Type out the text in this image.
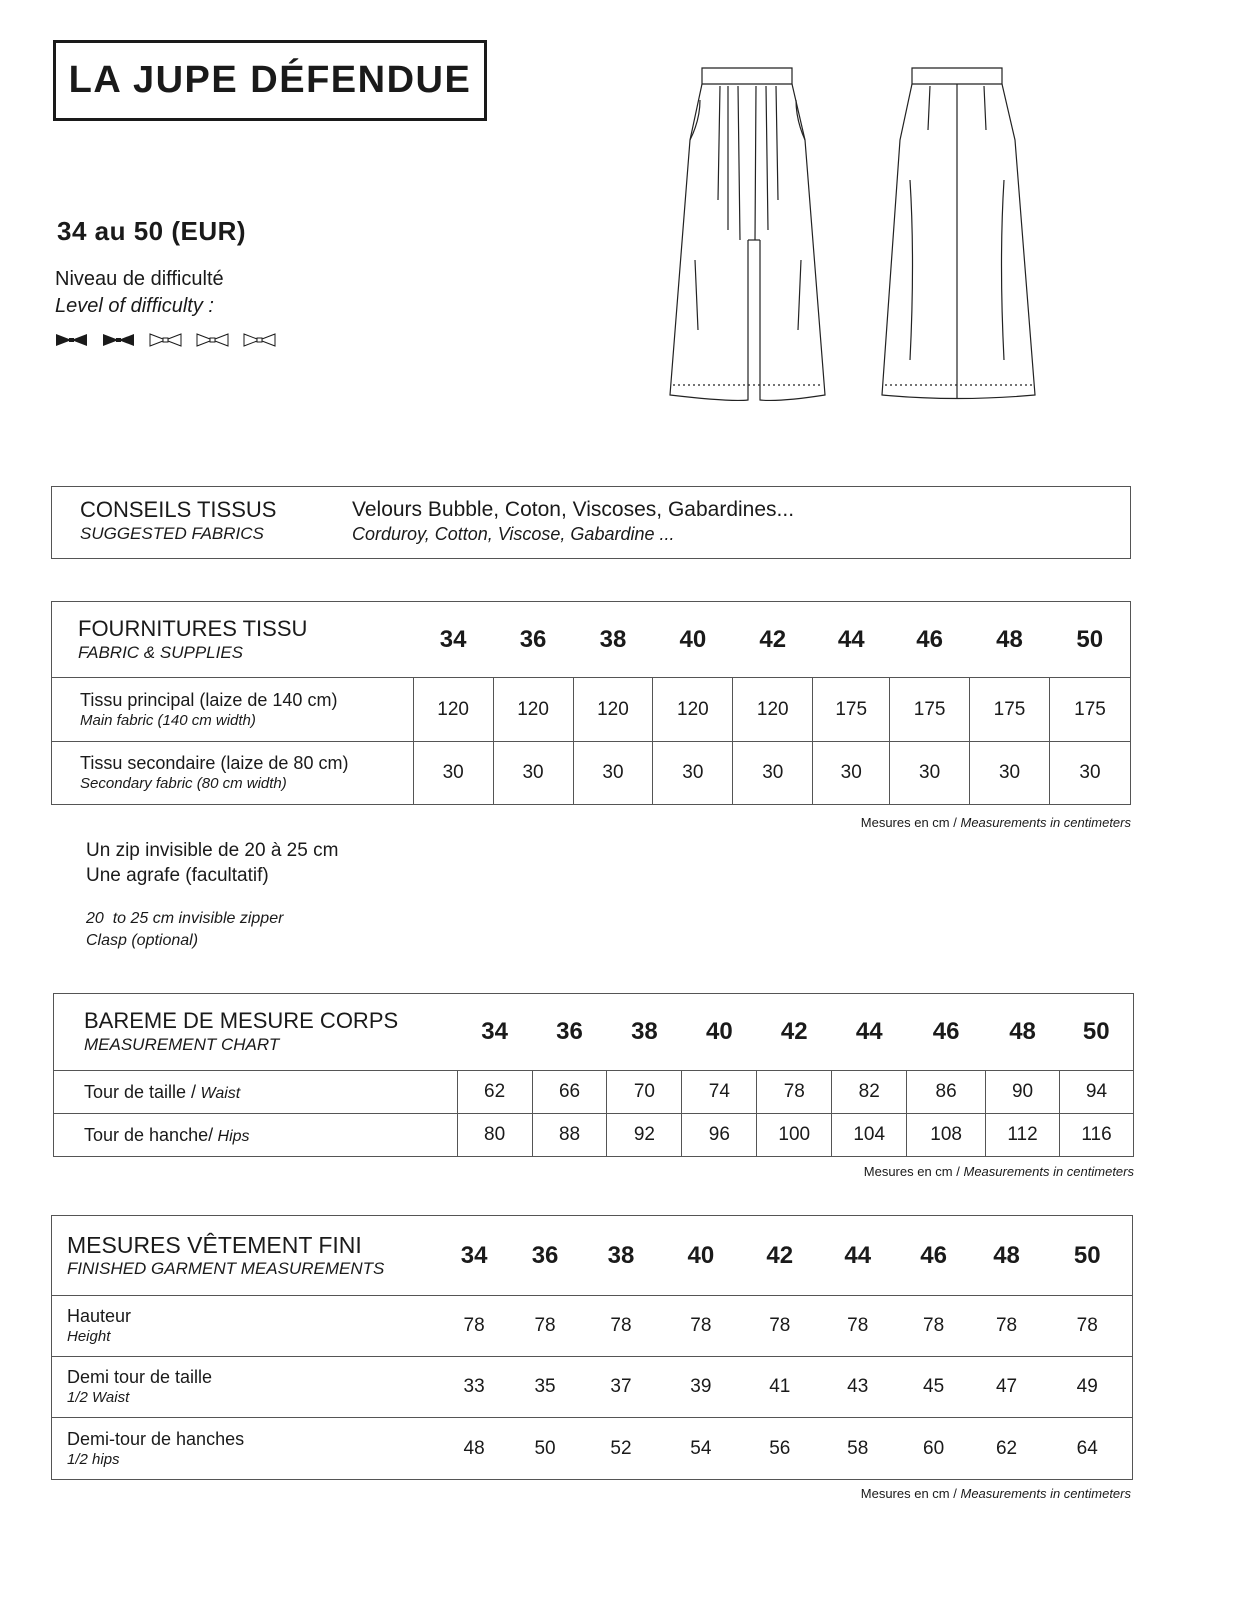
LA JUPE DÉFENDUE
34 au 50 (EUR)
Niveau de difficulté
Level of difficulty :
CONSEILS TISSUS
SUGGESTED FABRICS
Velours Bubble, Coton, Viscoses, Gabardines...
Corduroy, Cotton, Viscose, Gabardine ...
FOURNITURES TISSU
FABRIC & SUPPLIES	34	36	38	40	42	44	46	48	50

Tissu principal (laize de 140 cm)
Main fabric (140 cm width)	120	120	120	120	120	175	175	175	175

Tissu secondaire (laize de 80 cm)
Secondary fabric (80 cm width)	30	30	30	30	30	30	30	30	30
Mesures en cm / Measurements in centimeters
Un zip invisible de 20 à 25 cm
Une agrafe (facultatif)
20  to 25 cm invisible zipper
Clasp (optional)
BAREME DE MESURE CORPS
MEASUREMENT CHART	34	36	38	40	42	44	46	48	50
Tour de taille / Waist	62	66	70	74	78	82	86	90	94
Tour de hanche/ Hips	80	88	92	96	100	104	108	112	116
Mesures en cm / Measurements in centimeters
MESURES VÊTEMENT FINI
FINISHED GARMENT MEASUREMENTS	34	36	38	40	42	44	46	48	50

Hauteur
Height	78	78	78	78	78	78	78	78	78

Demi tour de taille
1/2 Waist	33	35	37	39	41	43	45	47	49

Demi-tour de hanches
1/2 hips	48	50	52	54	56	58	60	62	64
Mesures en cm / Measurements in centimeters
